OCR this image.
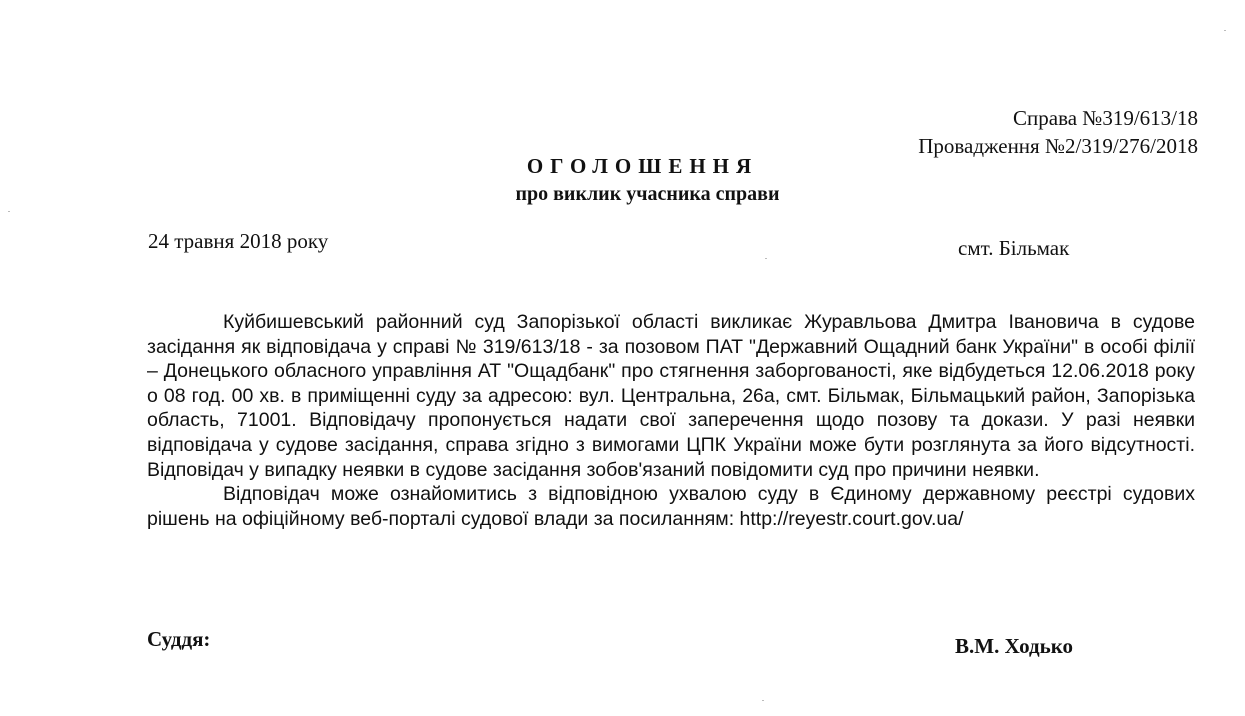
Справа №319/613/18
Провадження №2/319/276/2018
ОГОЛОШЕННЯ
про виклик учасника справи
24 травня 2018 року	смт. Більмак

Куйбишевський районний суд Запорізької області викликає Журавльова Дмитра Івановича в судове засідання як відповідача у справі № 319/613/18 - за позовом ПАТ "Державний Ощадний банк України" в особі філії – Донецького обласного управління АТ "Ощадбанк" про стягнення заборгованості, яке відбудеться 12.06.2018 року о 08 год. 00 хв. в приміщенні суду за адресою: вул. Центральна, 26а, смт. Більмак, Більмацький район, Запорізька область, 71001. Відповідачу пропонується надати свої заперечення щодо позову та докази. У разі неявки відповідача у судове засідання, справа згідно з вимогами ЦПК України може бути розглянута за його відсутності. Відповідач у випадку неявки в судове засідання зобов'язаний повідомити суд про причини неявки.

Відповідач може ознайомитись з відповідною ухвалою суду в Єдиному державному реєстрі судових рішень на офіційному веб-порталі судової влади за посиланням: http://reyestr.court.gov.ua/

Суддя:	В.М. Ходько
